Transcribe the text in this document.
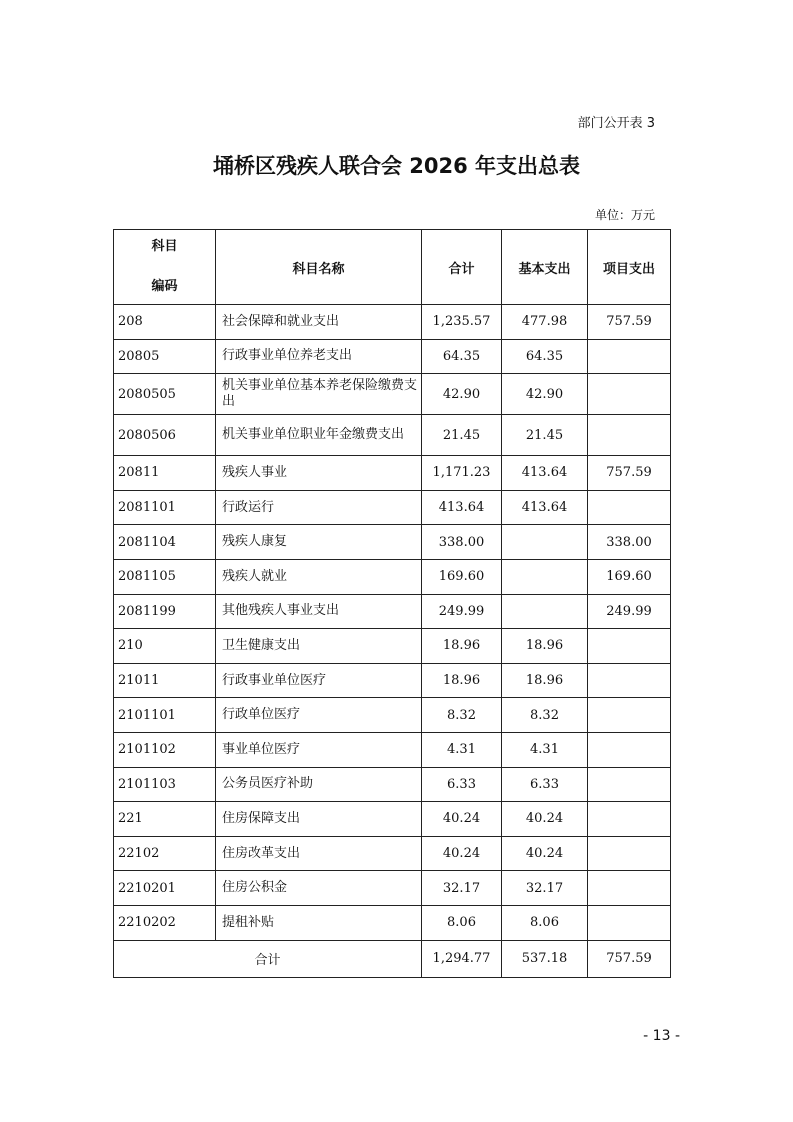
部门公开表 3
埇桥区残疾人联合会 2026 年支出总表
单位：万元
科目
编码	科目名称	合计	基本支出	项目支出
208	社会保障和就业支出	1,235.57	477.98	757.59
20805	行政事业单位养老支出	64.35	64.35	
2080505	机关事业单位基本养老保险缴费支出	42.90	42.90	
2080506	机关事业单位职业年金缴费支出	21.45	21.45	
20811	残疾人事业	1,171.23	413.64	757.59
2081101	行政运行	413.64	413.64	
2081104	残疾人康复	338.00		338.00
2081105	残疾人就业	169.60		169.60
2081199	其他残疾人事业支出	249.99		249.99
210	卫生健康支出	18.96	18.96	
21011	行政事业单位医疗	18.96	18.96	
2101101	行政单位医疗	8.32	8.32	
2101102	事业单位医疗	4.31	4.31	
2101103	公务员医疗补助	6.33	6.33	
221	住房保障支出	40.24	40.24	
22102	住房改革支出	40.24	40.24	
2210201	住房公积金	32.17	32.17	
2210202	提租补贴	8.06	8.06	
合计		1,294.77	537.18	757.59
- 13 -
